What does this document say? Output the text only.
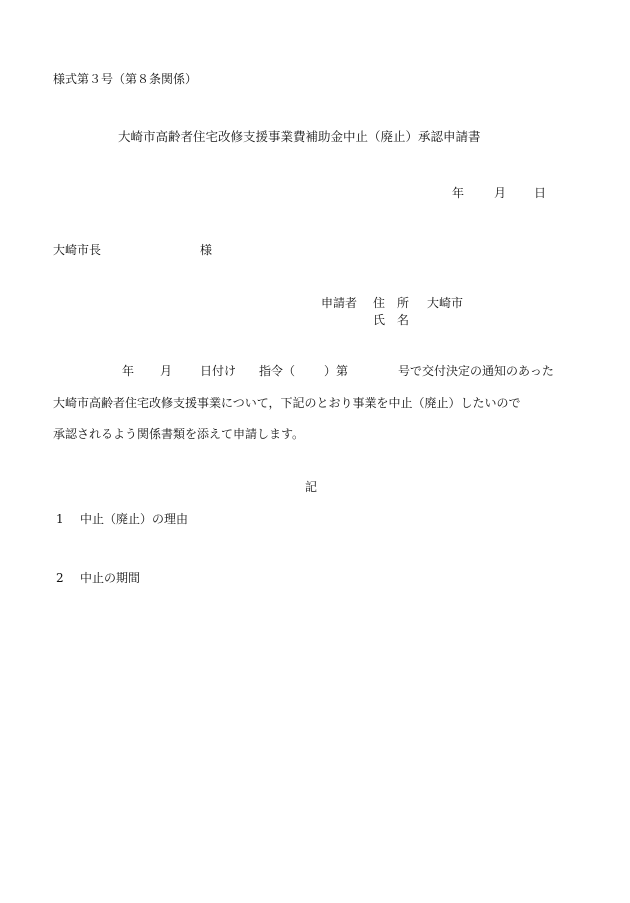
様式第３号（第８条関係）
大崎市高齢者住宅改修支援事業費補助金中止（廃止）承認申請書
年 月 日
大崎市長	様
申請者 住　所 大崎市
氏　名
年 月 日付け 指令（ ）第	号で交付決定の通知のあった
大崎市高齢者住宅改修支援事業について，下記のとおり事業を中止（廃止）したいので
承認されるよう関係書類を添えて申請します。
記
1 中止（廃止）の理由
2 中止の期間
